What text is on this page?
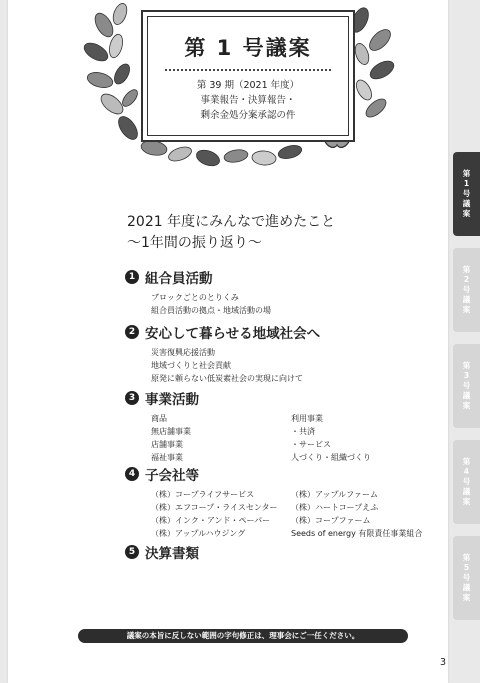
第 1 号議案
第 39 期（2021 年度）
事業報告・決算報告・
剰余金処分案承認の件
2021 年度にみんなで進めたこと
〜1年間の振り返り〜
1 組合員活動
ブロックごとのとりくみ
組合員活動の拠点・地域活動の場
2 安心して暮らせる地域社会へ
災害復興応援活動
地域づくりと社会貢献
原発に頼らない低炭素社会の実現に向けて
3 事業活動
商品	利用事業
無店舗事業	・共済
店舗事業	・サービス
福祉事業	人づくり・組織づくり
4 子会社等
（株）コープライフサービス	（株）アップルファーム
（株）エフコープ・ライスセンター （株）ハートコープえふ
（株）インク・アンド・ペーパー	（株）コープファーム
（株）アップルハウジング	Seeds of energy 有限責任事業組合
5 決算書類
議案の本旨に反しない範囲の字句修正は、理事会にご一任ください。
3
第
1
号
議
案
第
2
号
議
案
第
3
号
議
案
第
4
号
議
案
第
5
号
議
案
